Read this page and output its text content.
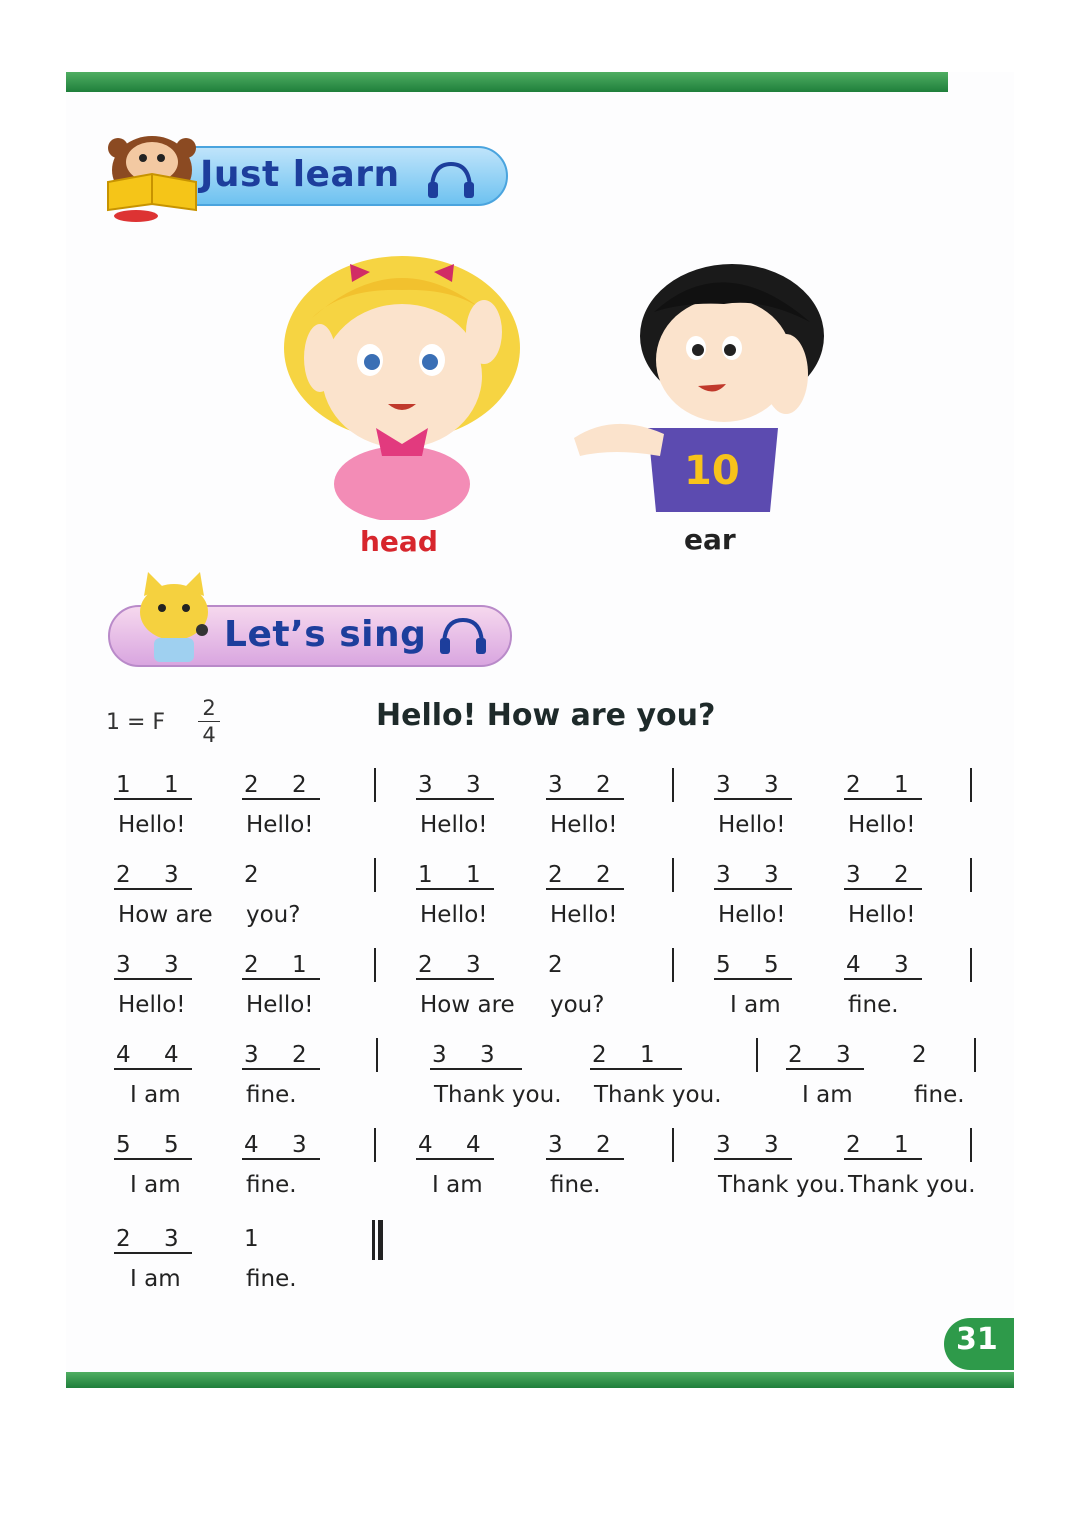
Just learn
head
10
ear
Let’s sing
1 = F
2
4
Hello! How are you?
1 1
Hello!
2 2
Hello!
3 3
Hello!
3 2
Hello!
3 3
Hello!
2 1
Hello!
2 3
How are
2
you?
1 1
Hello!
2 2
Hello!
3 3
Hello!
3 2
Hello!
3 3
Hello!
2 1
Hello!
2 3
How are
2
you?
5 5
I am
4 3
fine.
4 4
I am
3 2
fine.
3 3
Thank you.
2 1
Thank you.
2 3
I am
2
fine.
5 5
I am
4 3
fine.
4 4
I am
3 2
fine.
3 3
Thank you.
2 1
Thank you.
2 3
I am
1
fine.
31
